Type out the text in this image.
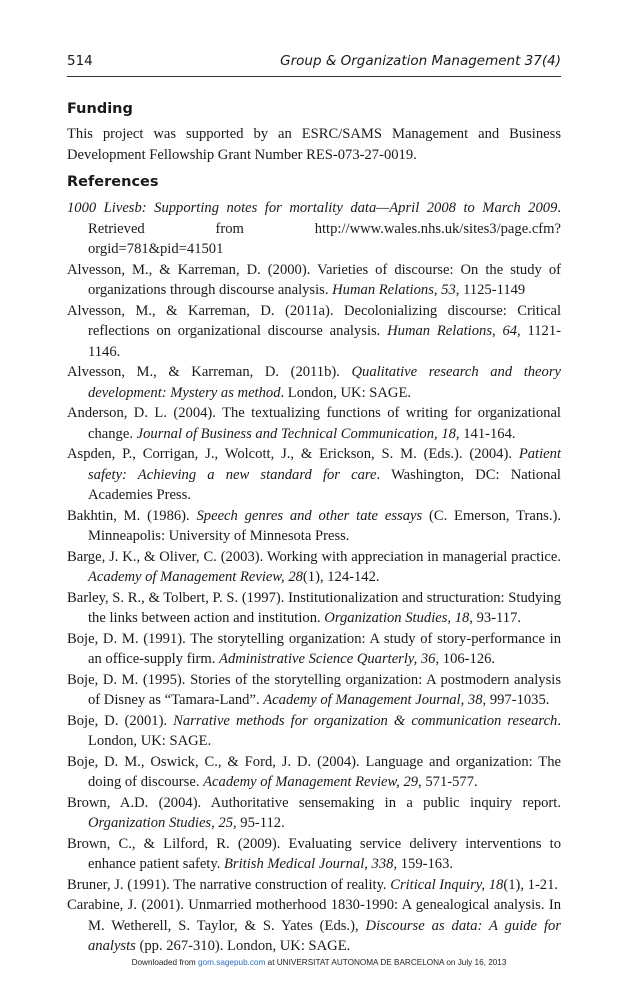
514	Group & Organization Management 37(4)
Funding
This project was supported by an ESRC/SAMS Management and Business Development Fellowship Grant Number RES-073-27-0019.
References

1000 Livesb: Supporting notes for mortality data—April 2008 to March 2009. Retrieved from http://www.wales.nhs.uk/sites3/page.cfm?orgid=781&pid=41501

Alvesson, M., & Karreman, D. (2000). Varieties of discourse: On the study of organizations through discourse analysis. Human Relations, 53, 1125-1149

Alvesson, M., & Karreman, D. (2011a). Decolonializing discourse: Critical reflections on organizational discourse analysis. Human Relations, 64, 1121-1146.

Alvesson, M., & Karreman, D. (2011b). Qualitative research and theory development: Mystery as method. London, UK: SAGE.

Anderson, D. L. (2004). The textualizing functions of writing for organizational change. Journal of Business and Technical Communication, 18, 141-164.

Aspden, P., Corrigan, J., Wolcott, J., & Erickson, S. M. (Eds.). (2004). Patient safety: Achieving a new standard for care. Washington, DC: National Academies Press.

Bakhtin, M. (1986). Speech genres and other tate essays (C. Emerson, Trans.). Minneapolis: University of Minnesota Press.

Barge, J. K., & Oliver, C. (2003). Working with appreciation in managerial practice. Academy of Management Review, 28(1), 124-142.

Barley, S. R., & Tolbert, P. S. (1997). Institutionalization and structuration: Studying the links between action and institution. Organization Studies, 18, 93-117.

Boje, D. M. (1991). The storytelling organization: A study of story-performance in an office-supply firm. Administrative Science Quarterly, 36, 106-126.

Boje, D. M. (1995). Stories of the storytelling organization: A postmodern analysis of Disney as “Tamara-Land”. Academy of Management Journal, 38, 997-1035.

Boje, D. (2001). Narrative methods for organization & communication research. London, UK: SAGE.

Boje, D. M., Oswick, C., & Ford, J. D. (2004). Language and organization: The doing of discourse. Academy of Management Review, 29, 571-577.

Brown, A.D. (2004). Authoritative sensemaking in a public inquiry report. Organization Studies, 25, 95-112.

Brown, C., & Lilford, R. (2009). Evaluating service delivery interventions to enhance patient safety. British Medical Journal, 338, 159-163.

Bruner, J. (1991). The narrative construction of reality. Critical Inquiry, 18(1), 1-21.

Carabine, J. (2001). Unmarried motherhood 1830-1990: A genealogical analysis. In M. Wetherell, S. Taylor, & S. Yates (Eds.), Discourse as data: A guide for analysts (pp. 267-310). London, UK: SAGE.

Downloaded from gom.sagepub.com at UNIVERSITAT AUTONOMA DE BARCELONA on July 16, 2013
